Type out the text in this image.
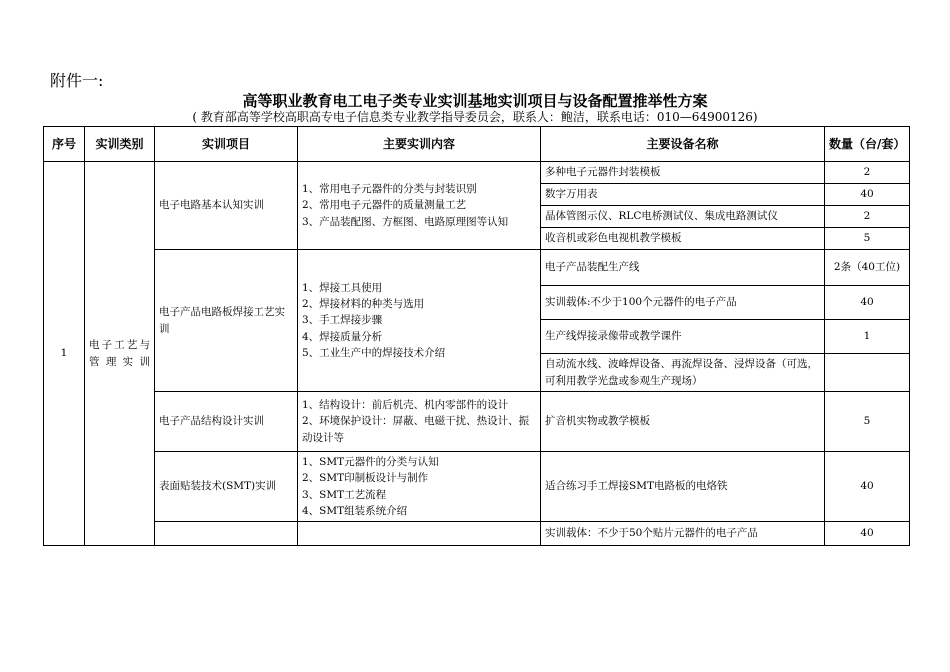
附件一:
高等职业教育电工电子类专业实训基地实训项目与设备配置推举性方案
( 教育部高等学校高职高专电子信息类专业教学指导委员会，联系人：鲍洁，联系电话：010—64900126)
序号	实训类别	实训项目	主要实训内容	主要设备名称	数量（台/套）
1	电子工艺与管理实训	电子电路基本认知实训	1、常用电子元器件的分类与封装识别
2、常用电子元器件的质量测量工艺
3、产品装配图、方框图、电路原理图等认知	多种电子元器件封装模板	2
				数字万用表	40
				晶体管图示仪、RLC电桥测试仪、集成电路测试仪	2
				收音机或彩色电视机教学模板	5
		电子产品电路板焊接工艺实训	1、焊接工具使用
2、焊接材料的种类与选用
3、手工焊接步骤
4、焊接质量分析
5、工业生产中的焊接技术介绍	电子产品装配生产线	2条（40工位)
				实训载体:不少于100个元器件的电子产品	40
				生产线焊接录像带或教学课件	1
				自动流水线、波峰焊设备、再流焊设备、浸焊设备（可选，可利用教学光盘或参观生产现场）	
		电子产品结构设计实训	1、结构设计：前后机壳、机内零部件的设计
2、环境保护设计：屏蔽、电磁干扰、热设计、振动设计等	扩音机实物或教学模板	5
		表面贴装技术(SMT)实训	1、SMT元器件的分类与认知
2、SMT印制板设计与制作
3、SMT工艺流程
4、SMT组装系统介绍	适合练习手工焊接SMT电路板的电烙铁	40
				实训载体：不少于50个贴片元器件的电子产品	40
